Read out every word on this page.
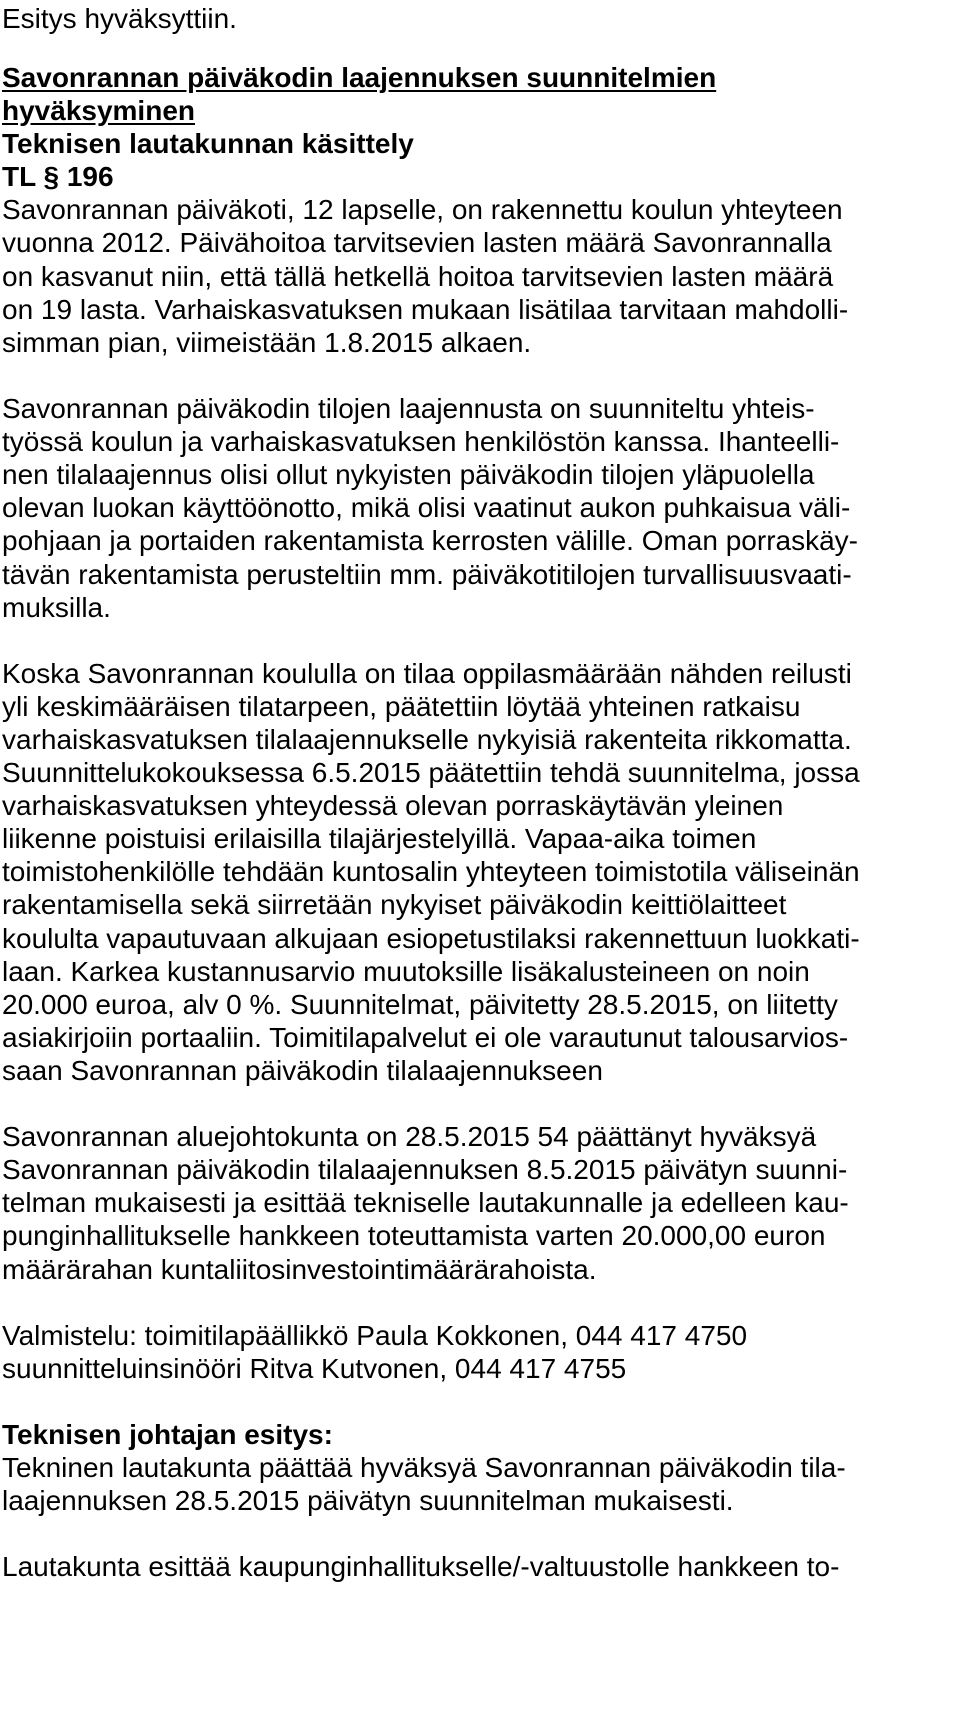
Esitys hyväksyttiin.

Savonrannan päiväkodin laajennuksen suunnitelmien

hyväksyminen

Teknisen lautakunnan käsittely

TL § 196

Savonrannan päiväkoti, 12 lapselle, on rakennettu koulun yhteyteen

vuonna 2012. Päivähoitoa tarvitsevien lasten määrä Savonrannalla

on kasvanut niin, että tällä hetkellä hoitoa tarvitsevien lasten määrä

on 19 lasta. Varhaiskasvatuksen mukaan lisätilaa tarvitaan mahdolli-

simman pian, viimeistään 1.8.2015 alkaen.

Savonrannan päiväkodin tilojen laajennusta on suunniteltu yhteis-

työssä koulun ja varhaiskasvatuksen henkilöstön kanssa. Ihanteelli-

nen tilalaajennus olisi ollut nykyisten päiväkodin tilojen yläpuolella

olevan luokan käyttöönotto, mikä olisi vaatinut aukon puhkaisua väli-

pohjaan ja portaiden rakentamista kerrosten välille. Oman porraskäy-

tävän rakentamista perusteltiin mm. päiväkotitilojen turvallisuusvaati-

muksilla.

Koska Savonrannan koululla on tilaa oppilasmäärään nähden reilusti

yli keskimääräisen tilatarpeen, päätettiin löytää yhteinen ratkaisu

varhaiskasvatuksen tilalaajennukselle nykyisiä rakenteita rikkomatta.

Suunnittelukokouksessa 6.5.2015 päätettiin tehdä suunnitelma, jossa

varhaiskasvatuksen yhteydessä olevan porraskäytävän yleinen

liikenne poistuisi erilaisilla tilajärjestelyillä. Vapaa-aika toimen

toimistohenkilölle tehdään kuntosalin yhteyteen toimistotila väliseinän

rakentamisella sekä siirretään nykyiset päiväkodin keittiölaitteet

koululta vapautuvaan alkujaan esiopetustilaksi rakennettuun luokkati-

laan. Karkea kustannusarvio muutoksille lisäkalusteineen on noin

20.000 euroa, alv 0 %. Suunnitelmat, päivitetty 28.5.2015, on liitetty

asiakirjoiin portaaliin. Toimitilapalvelut ei ole varautunut talousarvios-

saan Savonrannan päiväkodin tilalaajennukseen

Savonrannan aluejohtokunta on 28.5.2015 54 päättänyt hyväksyä

Savonrannan päiväkodin tilalaajennuksen 8.5.2015 päivätyn suunni-

telman mukaisesti ja esittää tekniselle lautakunnalle ja edelleen kau-

punginhallitukselle hankkeen toteuttamista varten 20.000,00 euron

määrärahan kuntaliitosinvestointimäärärahoista.

Valmistelu: toimitilapäällikkö Paula Kokkonen, 044 417 4750

suunnitteluinsinööri Ritva Kutvonen, 044 417 4755

Teknisen johtajan esitys:

Tekninen lautakunta päättää hyväksyä Savonrannan päiväkodin tila-

laajennuksen 28.5.2015 päivätyn suunnitelman mukaisesti.

Lautakunta esittää kaupunginhallitukselle/-valtuustolle hankkeen to-
